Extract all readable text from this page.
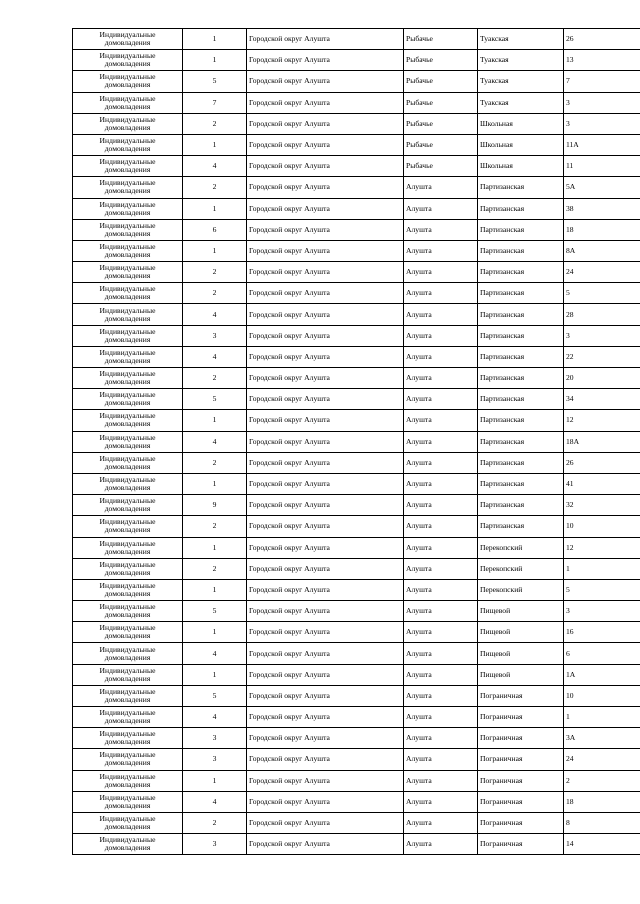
Индивидуальные
домовладения	1	Городской округ Алушта	Рыбачье	Туакская	26

Индивидуальные
домовладения	1	Городской округ Алушта	Рыбачье	Туакская	13

Индивидуальные
домовладения	5	Городской округ Алушта	Рыбачье	Туакская	7

Индивидуальные
домовладения	7	Городской округ Алушта	Рыбачье	Туакская	3

Индивидуальные
домовладения	2	Городской округ Алушта	Рыбачье	Школьная	3

Индивидуальные
домовладения	1	Городской округ Алушта	Рыбачье	Школьная	11А

Индивидуальные
домовладения	4	Городской округ Алушта	Рыбачье	Школьная	11

Индивидуальные
домовладения	2	Городской округ Алушта	Алушта	Партизанская	5А

Индивидуальные
домовладения	1	Городской округ Алушта	Алушта	Партизанская	38

Индивидуальные
домовладения	6	Городской округ Алушта	Алушта	Партизанская	18

Индивидуальные
домовладения	1	Городской округ Алушта	Алушта	Партизанская	8А

Индивидуальные
домовладения	2	Городской округ Алушта	Алушта	Партизанская	24

Индивидуальные
домовладения	2	Городской округ Алушта	Алушта	Партизанская	5

Индивидуальные
домовладения	4	Городской округ Алушта	Алушта	Партизанская	28

Индивидуальные
домовладения	3	Городской округ Алушта	Алушта	Партизанская	3

Индивидуальные
домовладения	4	Городской округ Алушта	Алушта	Партизанская	22

Индивидуальные
домовладения	2	Городской округ Алушта	Алушта	Партизанская	20

Индивидуальные
домовладения	5	Городской округ Алушта	Алушта	Партизанская	34

Индивидуальные
домовладения	1	Городской округ Алушта	Алушта	Партизанская	12

Индивидуальные
домовладения	4	Городской округ Алушта	Алушта	Партизанская	18А

Индивидуальные
домовладения	2	Городской округ Алушта	Алушта	Партизанская	26

Индивидуальные
домовладения	1	Городской округ Алушта	Алушта	Партизанская	41

Индивидуальные
домовладения	9	Городской округ Алушта	Алушта	Партизанская	32

Индивидуальные
домовладения	2	Городской округ Алушта	Алушта	Партизанская	10

Индивидуальные
домовладения	1	Городской округ Алушта	Алушта	Перекопский	12

Индивидуальные
домовладения	2	Городской округ Алушта	Алушта	Перекопский	1

Индивидуальные
домовладения	1	Городской округ Алушта	Алушта	Перекопский	5

Индивидуальные
домовладения	5	Городской округ Алушта	Алушта	Пищевой	3

Индивидуальные
домовладения	1	Городской округ Алушта	Алушта	Пищевой	16

Индивидуальные
домовладения	4	Городской округ Алушта	Алушта	Пищевой	6

Индивидуальные
домовладения	1	Городской округ Алушта	Алушта	Пищевой	1А

Индивидуальные
домовладения	5	Городской округ Алушта	Алушта	Пограничная	10

Индивидуальные
домовладения	4	Городской округ Алушта	Алушта	Пограничная	1

Индивидуальные
домовладения	3	Городской округ Алушта	Алушта	Пограничная	3А

Индивидуальные
домовладения	3	Городской округ Алушта	Алушта	Пограничная	24

Индивидуальные
домовладения	1	Городской округ Алушта	Алушта	Пограничная	2

Индивидуальные
домовладения	4	Городской округ Алушта	Алушта	Пограничная	18

Индивидуальные
домовладения	2	Городской округ Алушта	Алушта	Пограничная	8

Индивидуальные
домовладения	3	Городской округ Алушта	Алушта	Пограничная	14
